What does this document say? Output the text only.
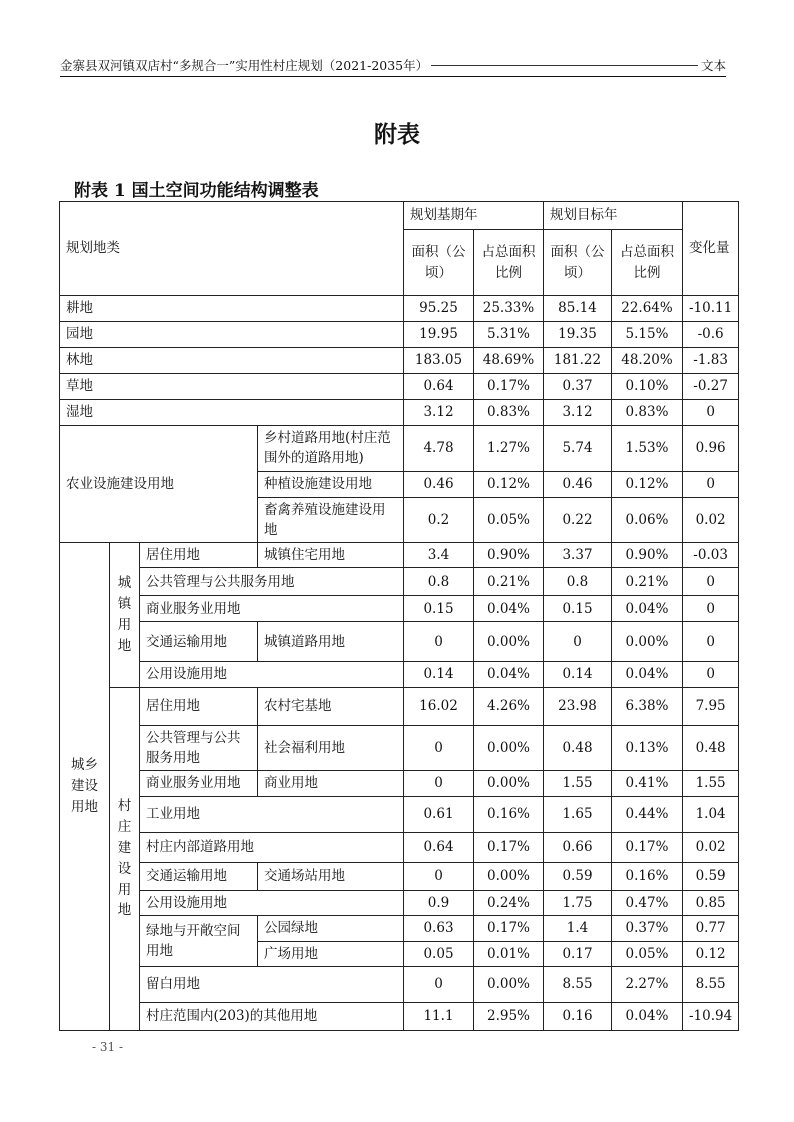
金寨县双河镇双店村“多规合一”实用性村庄规划（2021-2035年）	文本
附表
附表 1 国土空间功能结构调整表
规划地类				规划基期年		规划目标年		变化量
				面积（公顷）	占总面积比例	面积（公顷）	占总面积比例	
耕地				95.25	25.33%	85.14	22.64%	-10.11
园地				19.95	5.31%	19.35	5.15%	-0.6
林地				183.05	48.69%	181.22	48.20%	-1.83
草地				0.64	0.17%	0.37	0.10%	-0.27
湿地				3.12	0.83%	3.12	0.83%	0
农业设施建设用地			乡村道路用地(村庄范围外的道路用地)	4.78	1.27%	5.74	1.53%	0.96
			种植设施建设用地	0.46	0.12%	0.46	0.12%	0
			畜禽养殖设施建设用地	0.2	0.05%	0.22	0.06%	0.02
城乡建设用地	城镇用地	居住用地	城镇住宅用地	3.4	0.90%	3.37	0.90%	-0.03
		公共管理与公共服务用地		0.8	0.21%	0.8	0.21%	0
		商业服务业用地		0.15	0.04%	0.15	0.04%	0
		交通运输用地	城镇道路用地	0	0.00%	0	0.00%	0
		公用设施用地		0.14	0.04%	0.14	0.04%	0
	村庄建设用地	居住用地	农村宅基地	16.02	4.26%	23.98	6.38%	7.95
		公共管理与公共服务用地	社会福利用地	0	0.00%	0.48	0.13%	0.48
		商业服务业用地	商业用地	0	0.00%	1.55	0.41%	1.55
		工业用地		0.61	0.16%	1.65	0.44%	1.04
		村庄内部道路用地		0.64	0.17%	0.66	0.17%	0.02
		交通运输用地	交通场站用地	0	0.00%	0.59	0.16%	0.59
		公用设施用地		0.9	0.24%	1.75	0.47%	0.85
		绿地与开敞空间用地	公园绿地	0.63	0.17%	1.4	0.37%	0.77
			广场用地	0.05	0.01%	0.17	0.05%	0.12
		留白用地		0	0.00%	8.55	2.27%	8.55
		村庄范围内(203)的其他用地		11.1	2.95%	0.16	0.04%	-10.94
- 31 -
